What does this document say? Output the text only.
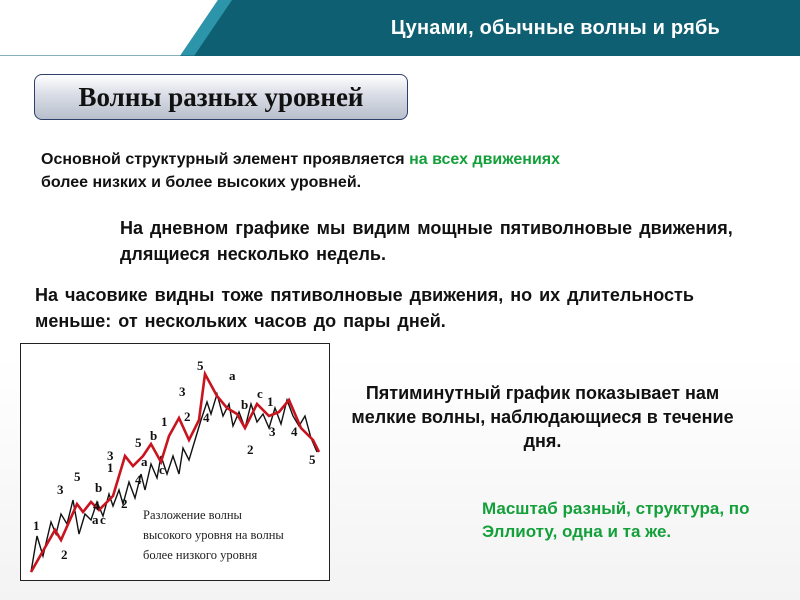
Цунами, обычные волны и рябь
Волны разных уровней
Основной структурный элемент проявляется на всех движениях
более низких и более высоких уровней.
На дневном графике мы видим мощные пятиволновые движения, длящиеся несколько недель.
На часовике видны тоже пятиволновые движения, но их длительность меньше: от нескольких часов до пары дней.
Пятиминутный график показывает нам мелкие волны, наблюдающиеся в течение дня.
Масштаб разный, структура, по Эллиоту, одна и та же.
1
2
3
4
5
a
b
c
1
2
3
4
5
a
b
c
1 2
3
4
5
a
b
c
1
2
3 4
5
Разложение волны
высокого уровня на волны
более низкого уровня
